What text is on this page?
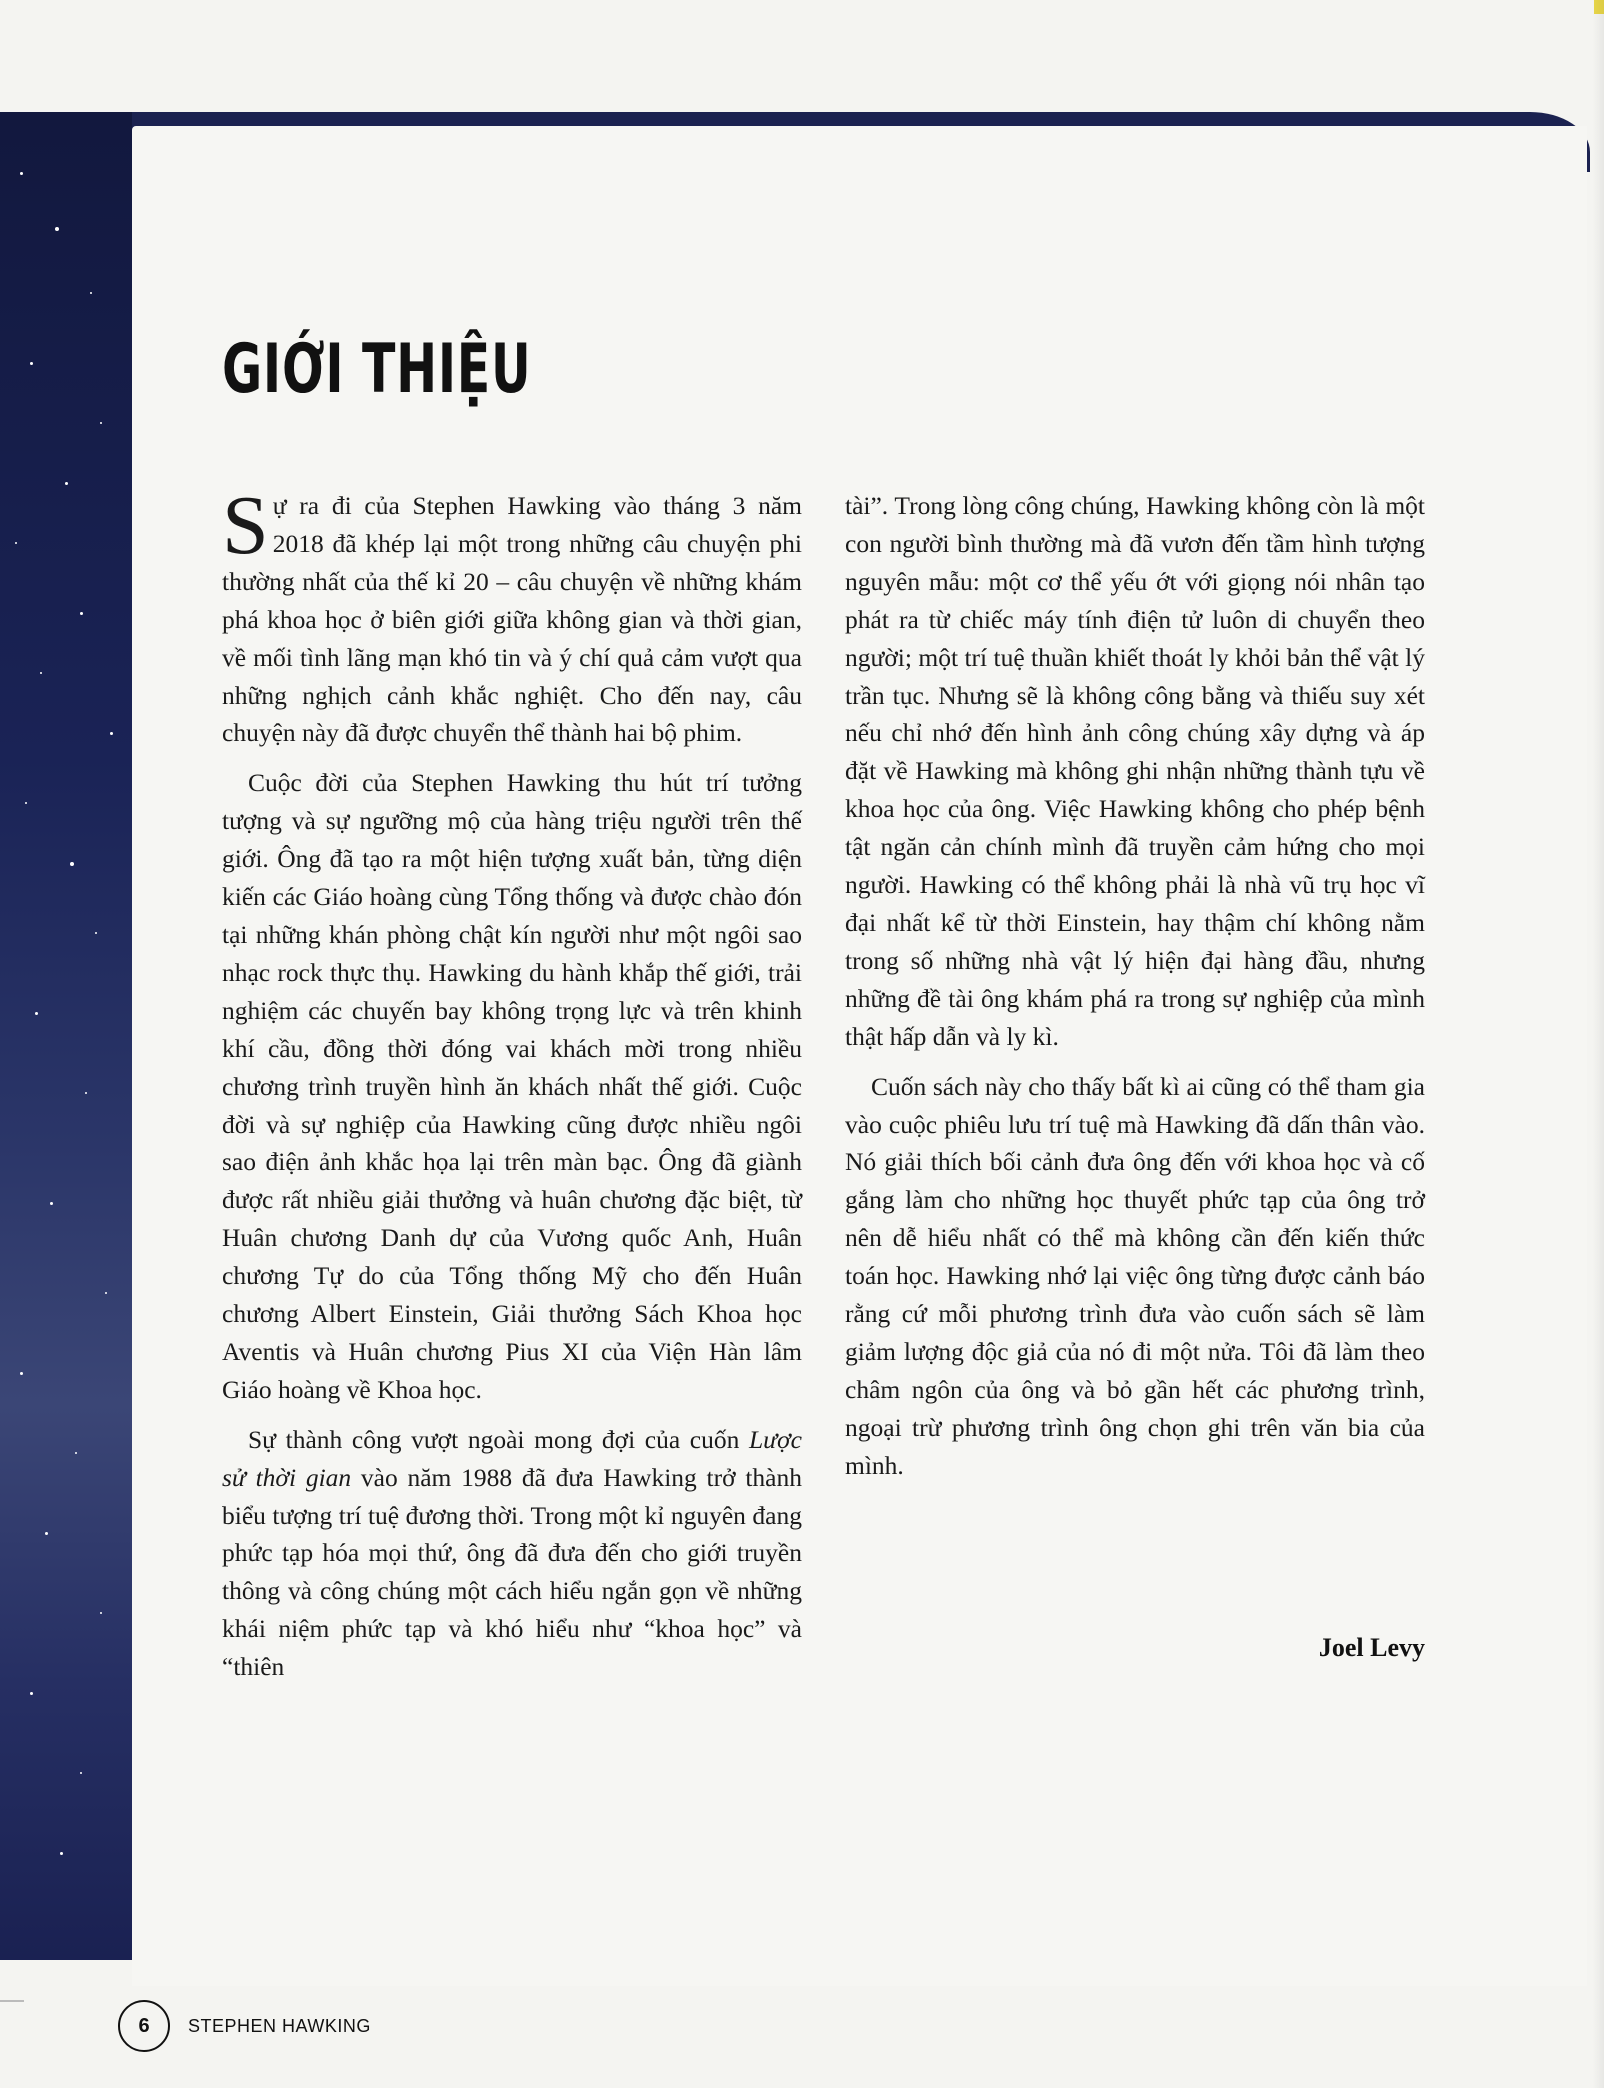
GIỚI THIỆU

Sự ra đi của Stephen Hawking vào tháng 3 năm 2018 đã khép lại một trong những câu chuyện phi thường nhất của thế kỉ 20 – câu chuyện về những khám phá khoa học ở biên giới giữa không gian và thời gian, về mối tình lãng mạn khó tin và ý chí quả cảm vượt qua những nghịch cảnh khắc nghiệt. Cho đến nay, câu chuyện này đã được chuyển thể thành hai bộ phim.

Cuộc đời của Stephen Hawking thu hút trí tưởng tượng và sự ngưỡng mộ của hàng triệu người trên thế giới. Ông đã tạo ra một hiện tượng xuất bản, từng diện kiến các Giáo hoàng cùng Tổng thống và được chào đón tại những khán phòng chật kín người như một ngôi sao nhạc rock thực thụ. Hawking du hành khắp thế giới, trải nghiệm các chuyến bay không trọng lực và trên khinh khí cầu, đồng thời đóng vai khách mời trong nhiều chương trình truyền hình ăn khách nhất thế giới. Cuộc đời và sự nghiệp của Hawking cũng được nhiều ngôi sao điện ảnh khắc họa lại trên màn bạc. Ông đã giành được rất nhiều giải thưởng và huân chương đặc biệt, từ Huân chương Danh dự của Vương quốc Anh, Huân chương Tự do của Tổng thống Mỹ cho đến Huân chương Albert Einstein, Giải thưởng Sách Khoa học Aventis và Huân chương Pius XI của Viện Hàn lâm Giáo hoàng về Khoa học.

Sự thành công vượt ngoài mong đợi của cuốn Lược sử thời gian vào năm 1988 đã đưa Hawking trở thành biểu tượng trí tuệ đương thời. Trong một kỉ nguyên đang phức tạp hóa mọi thứ, ông đã đưa đến cho giới truyền thông và công chúng một cách hiểu ngắn gọn về những khái niệm phức tạp và khó hiểu như “khoa học” và “thiên

tài”. Trong lòng công chúng, Hawking không còn là một con người bình thường mà đã vươn đến tầm hình tượng nguyên mẫu: một cơ thể yếu ớt với giọng nói nhân tạo phát ra từ chiếc máy tính điện tử luôn di chuyển theo người; một trí tuệ thuần khiết thoát ly khỏi bản thể vật lý trần tục. Nhưng sẽ là không công bằng và thiếu suy xét nếu chỉ nhớ đến hình ảnh công chúng xây dựng và áp đặt về Hawking mà không ghi nhận những thành tựu về khoa học của ông. Việc Hawking không cho phép bệnh tật ngăn cản chính mình đã truyền cảm hứng cho mọi người. Hawking có thể không phải là nhà vũ trụ học vĩ đại nhất kể từ thời Einstein, hay thậm chí không nằm trong số những nhà vật lý hiện đại hàng đầu, nhưng những đề tài ông khám phá ra trong sự nghiệp của mình thật hấp dẫn và ly kì.

Cuốn sách này cho thấy bất kì ai cũng có thể tham gia vào cuộc phiêu lưu trí tuệ mà Hawking đã dấn thân vào. Nó giải thích bối cảnh đưa ông đến với khoa học và cố gắng làm cho những học thuyết phức tạp của ông trở nên dễ hiểu nhất có thể mà không cần đến kiến thức toán học. Hawking nhớ lại việc ông từng được cảnh báo rằng cứ mỗi phương trình đưa vào cuốn sách sẽ làm giảm lượng độc giả của nó đi một nửa. Tôi đã làm theo châm ngôn của ông và bỏ gần hết các phương trình, ngoại trừ phương trình ông chọn ghi trên văn bia của mình.

Joel Levy
6	STEPHEN HAWKING
